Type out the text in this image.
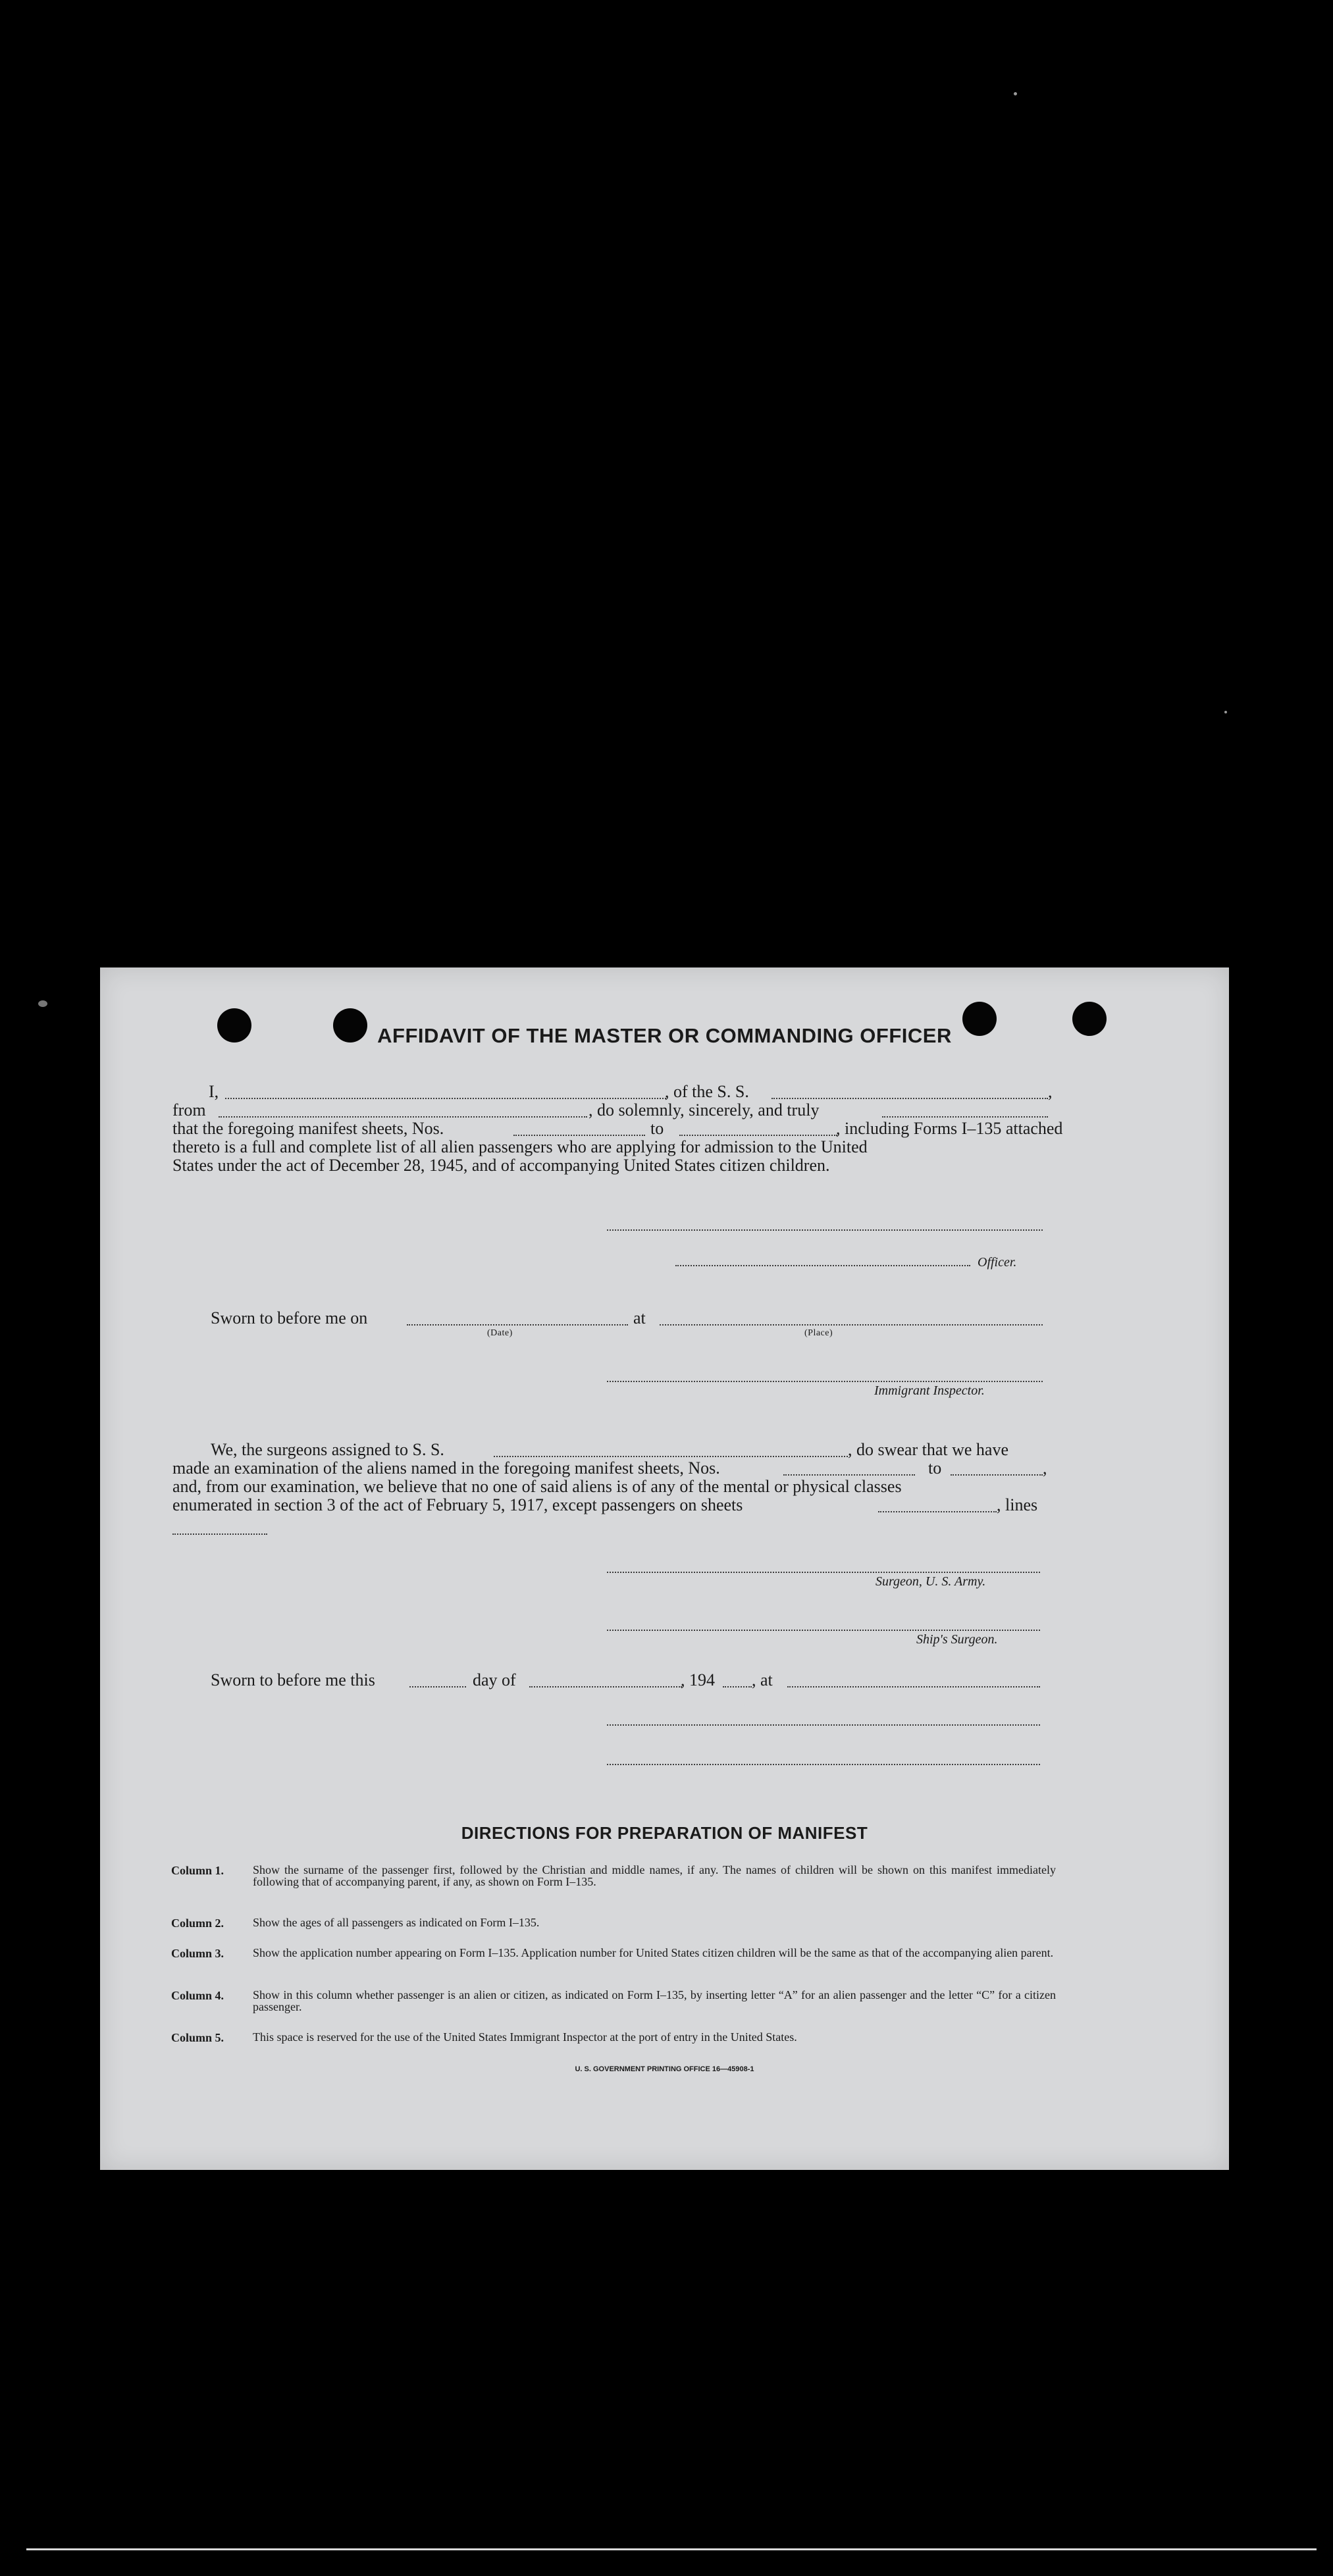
AFFIDAVIT OF THE MASTER OR COMMANDING OFFICER
I,	, of the S. S.	,
from	, do solemnly, sincerely, and truly
that the foregoing manifest sheets, Nos.	to	, including Forms I–135 attached
thereto is a full and complete list of all alien passengers who are applying for admission to the United
States under the act of December 28, 1945, and of accompanying United States citizen children.
Officer.
Sworn to before me on
(Date)
at
(Place)
Immigrant Inspector.
We, the surgeons assigned to S. S.	, do swear that we have
made an examination of the aliens named in the foregoing manifest sheets, Nos.	to	,
and, from our examination, we believe that no one of said aliens is of any of the mental or physical classes
enumerated in section 3 of the act of February 5, 1917, except passengers on sheets	, lines
Surgeon, U. S. Army.
Ship's Surgeon.
Sworn to before me this	day of	, 194 , at
DIRECTIONS FOR PREPARATION OF MANIFEST
Column 1. Show the surname of the passenger first, followed by the Christian and middle names, if any. The names of children will be shown on this manifest immediately following that of accompanying parent, if any, as shown on Form I–135.
Column 2. Show the ages of all passengers as indicated on Form I–135.
Column 3. Show the application number appearing on Form I–135. Application number for United States citizen children will be the same as that of the accompanying alien parent.
Column 4. Show in this column whether passenger is an alien or citizen, as indicated on Form I–135, by inserting letter “A” for an alien passenger and the letter “C” for a citizen passenger.
Column 5. This space is reserved for the use of the United States Immigrant Inspector at the port of entry in the United States.
U. S. GOVERNMENT PRINTING OFFICE 16—45908-1
